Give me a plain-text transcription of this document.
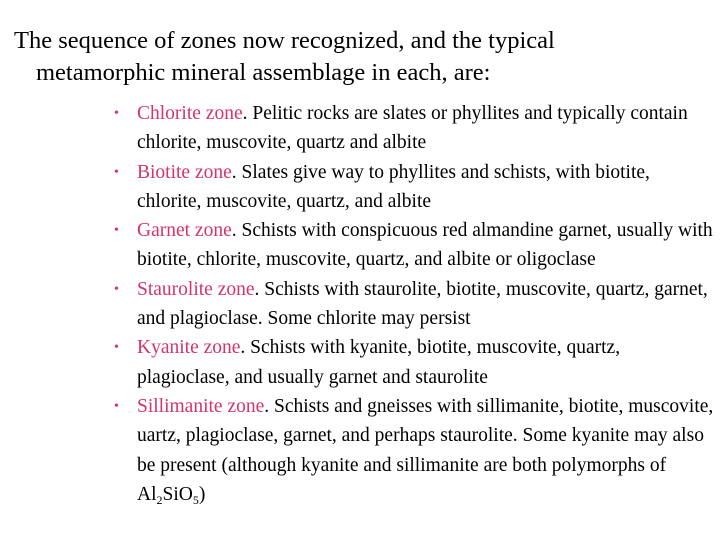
The sequence of zones now recognized, and the typical
metamorphic mineral assemblage in each, are:
• Chlorite zone. Pelitic rocks are slates or phyllites and typically contain chlorite, muscovite, quartz and albite
• Biotite zone. Slates give way to phyllites and schists, with biotite, chlorite, muscovite, quartz, and albite
• Garnet zone. Schists with conspicuous red almandine garnet, usually with biotite, chlorite, muscovite, quartz, and albite or oligoclase
• Staurolite zone. Schists with staurolite, biotite, muscovite, quartz, garnet, and plagioclase. Some chlorite may persist
• Kyanite zone. Schists with kyanite, biotite, muscovite, quartz, plagioclase, and usually garnet and staurolite
• Sillimanite zone. Schists and gneisses with sillimanite, biotite, muscovite, uartz, plagioclase, garnet, and perhaps staurolite. Some kyanite may also be present (although kyanite and sillimanite are both polymorphs of $Al_2SiO_5$)
